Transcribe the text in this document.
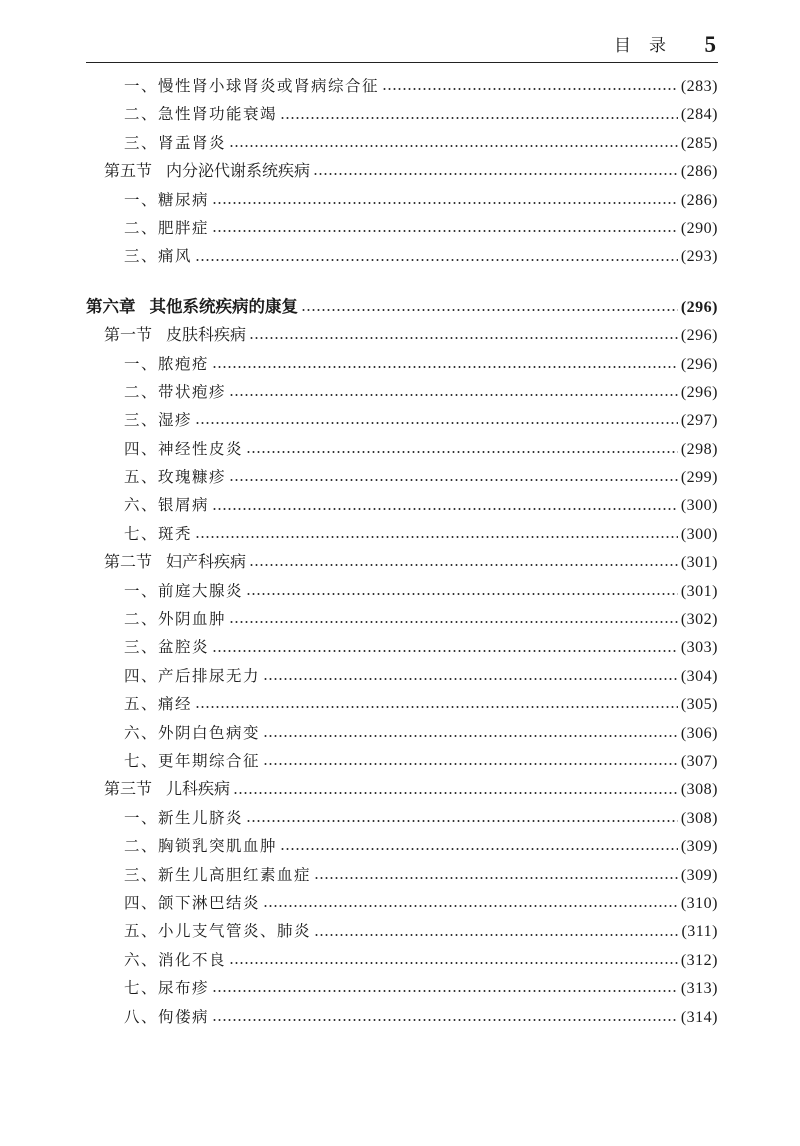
目录 5
一、慢性肾小球肾炎或肾病综合征	(283)
二、急性肾功能衰竭	(284)
三、肾盂肾炎	(285)
第五节 内分泌代谢系统疾病	(286)
一、糖尿病	(286)
二、肥胖症	(290)
三、痛风	(293)
第六章 其他系统疾病的康复	(296)
第一节 皮肤科疾病	(296)
一、脓疱疮	(296)
二、带状疱疹	(296)
三、湿疹	(297)
四、神经性皮炎	(298)
五、玫瑰糠疹	(299)
六、银屑病	(300)
七、斑秃	(300)
第二节 妇产科疾病	(301)
一、前庭大腺炎	(301)
二、外阴血肿	(302)
三、盆腔炎	(303)
四、产后排尿无力	(304)
五、痛经	(305)
六、外阴白色病变	(306)
七、更年期综合征	(307)
第三节 儿科疾病	(308)
一、新生儿脐炎	(308)
二、胸锁乳突肌血肿	(309)
三、新生儿高胆红素血症	(309)
四、颌下淋巴结炎	(310)
五、小儿支气管炎、肺炎	(311)
六、消化不良	(312)
七、尿布疹	(313)
八、佝偻病	(314)
